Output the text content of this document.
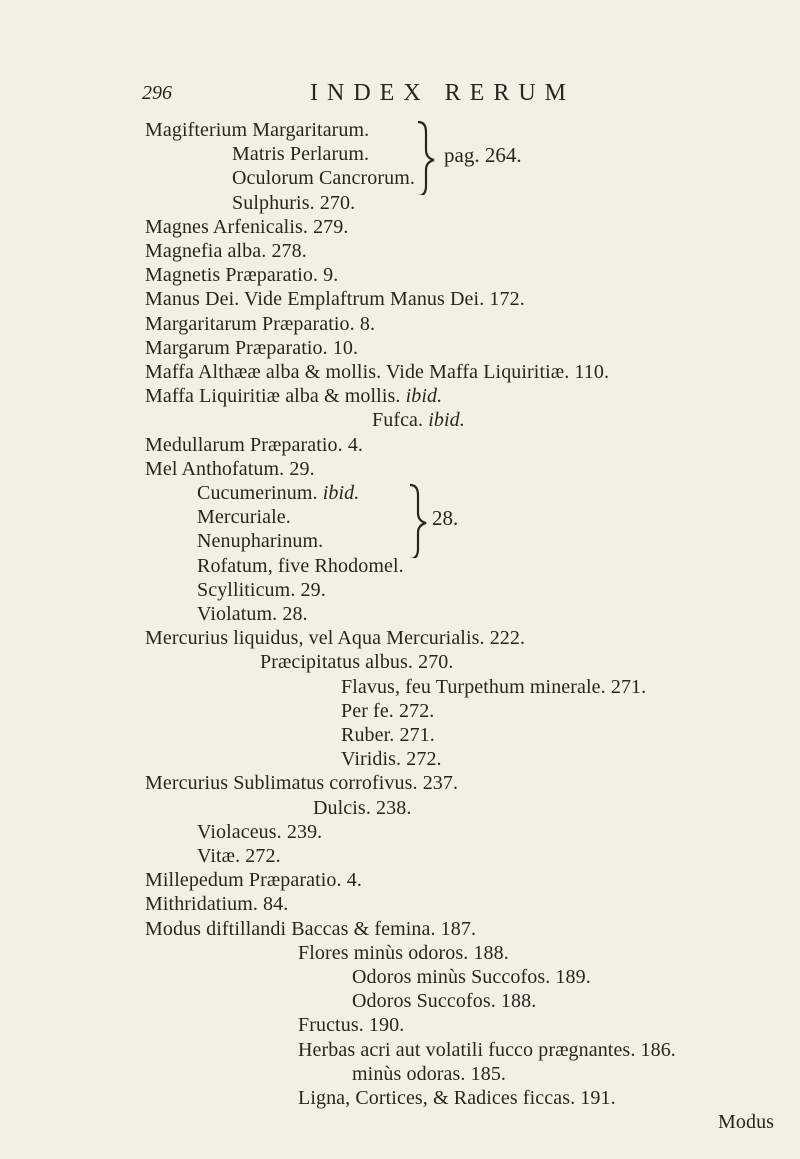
296	INDEX RERUM
Magifterium Margaritarum.
Matris Perlarum.
Oculorum Cancrorum.
Sulphuris. 270.
pag. 264.
Magnes Arfenicalis. 279.
Magnefia alba. 278.
Magnetis Præparatio. 9.
Manus Dei. Vide Emplaftrum Manus Dei. 172.
Margaritarum Præparatio. 8.
Margarum Præparatio. 10.
Maffa Althææ alba & mollis. Vide Maffa Liquiritiæ. 110.
Maffa Liquiritiæ alba & mollis. ibid.
Fufca. ibid.
Medullarum Præparatio. 4.
Mel Anthofatum. 29.
Cucumerinum. ibid.
Mercuriale.
Nenupharinum.
Rofatum, five Rhodomel.
28.
Scylliticum. 29.
Violatum. 28.
Mercurius liquidus, vel Aqua Mercurialis. 222.
Præcipitatus albus. 270.
Flavus, feu Turpethum minerale. 271.
Per fe. 272.
Ruber. 271.
Viridis. 272.
Mercurius Sublimatus corrofivus. 237.
Dulcis. 238.
Violaceus. 239.
Vitæ. 272.
Millepedum Præparatio. 4.
Mithridatium. 84.
Modus diftillandi Baccas & femina. 187.
Flores minùs odoros. 188.
Odoros minùs Succofos. 189.
Odoros Succofos. 188.
Fructus. 190.
Herbas acri aut volatili fucco prægnantes. 186.
minùs odoras. 185.
Ligna, Cortices, & Radices ficcas. 191.
Modus
